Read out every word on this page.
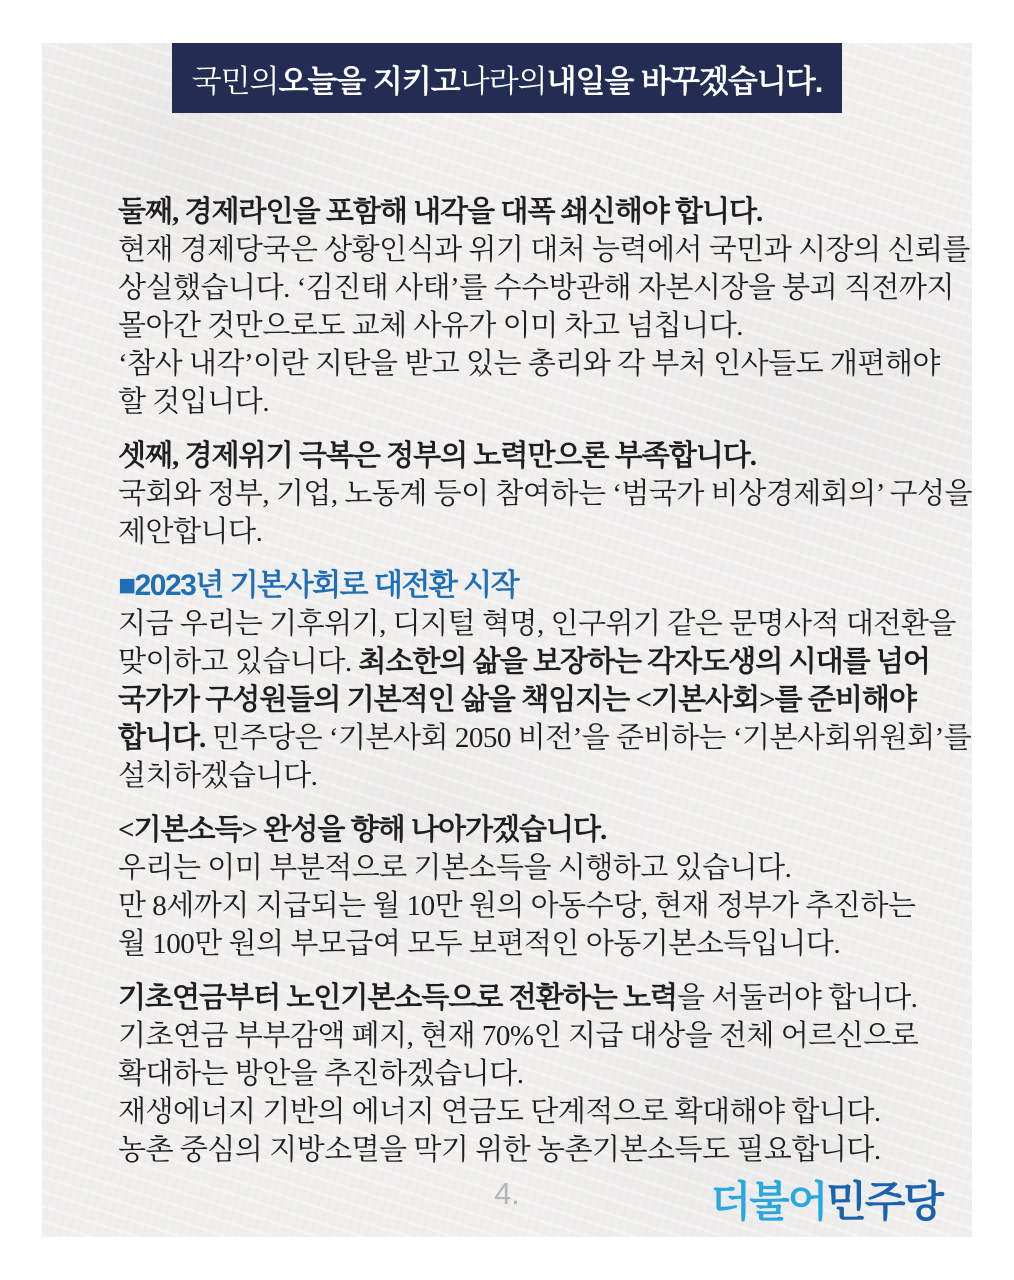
국민의 오늘을 지키고 나라의 내일을 바꾸겠습니다.
둘째, 경제라인을 포함해 내각을 대폭 쇄신해야 합니다.
현재 경제당국은 상황인식과 위기 대처 능력에서 국민과 시장의 신뢰를
상실했습니다. ‘김진태 사태’를 수수방관해 자본시장을 붕괴 직전까지
몰아간 것만으로도 교체 사유가 이미 차고 넘칩니다.
‘참사 내각’이란 지탄을 받고 있는 총리와 각 부처 인사들도 개편해야
할 것입니다.
셋째, 경제위기 극복은 정부의 노력만으론 부족합니다.
국회와 정부, 기업, 노동계 등이 참여하는 ‘범국가 비상경제회의’ 구성을
제안합니다.
■2023년 기본사회로 대전환 시작
지금 우리는 기후위기, 디지털 혁명, 인구위기 같은 문명사적 대전환을
맞이하고 있습니다. 최소한의 삶을 보장하는 각자도생의 시대를 넘어
국가가 구성원들의 기본적인 삶을 책임지는 <기본사회>를 준비해야
합니다. 민주당은 ‘기본사회 2050 비전’을 준비하는 ‘기본사회위원회’를
설치하겠습니다.
<기본소득> 완성을 향해 나아가겠습니다.
우리는 이미 부분적으로 기본소득을 시행하고 있습니다.
만 8세까지 지급되는 월 10만 원의 아동수당, 현재 정부가 추진하는
월 100만 원의 부모급여 모두 보편적인 아동기본소득입니다.
기초연금부터 노인기본소득으로 전환하는 노력을 서둘러야 합니다.
기초연금 부부감액 폐지, 현재 70%인 지급 대상을 전체 어르신으로
확대하는 방안을 추진하겠습니다.
재생에너지 기반의 에너지 연금도 단계적으로 확대해야 합니다.
농촌 중심의 지방소멸을 막기 위한 농촌기본소득도 필요합니다.
4.	더불어민주당
